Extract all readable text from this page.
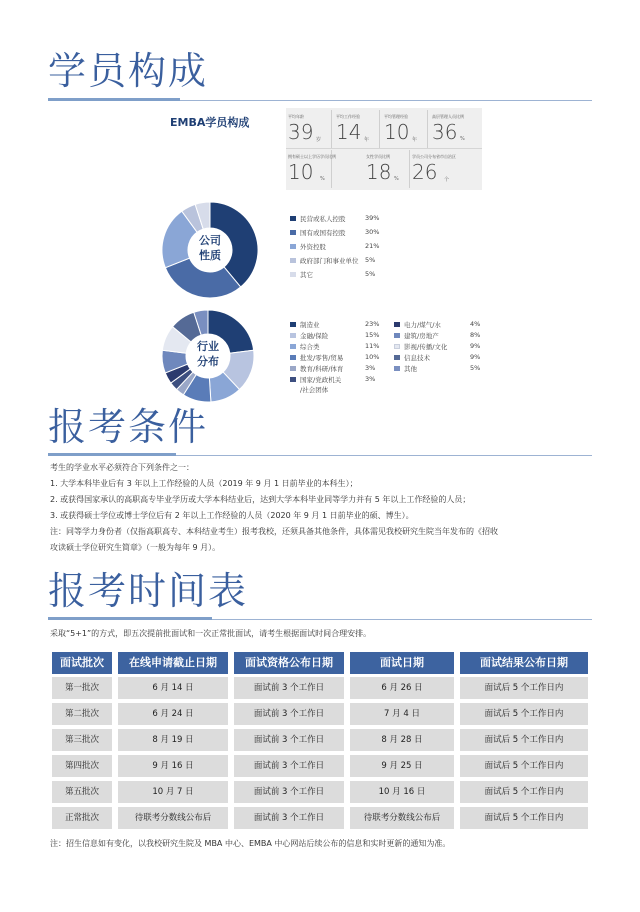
学员构成
EMBA学员构成	平均年龄
39 岁
平均工作经验
14 年
平均管理经验
10 年
高层管理人员比例
36 %
拥有硕士以上学历学员比例
10 %
女性学员比例
18 %
学员公司分布省市自治区
26 个
公司
性质
民营或私人控股	39%
国有或国有控股	30%
外资控股	21%
政府部门和事业单位 5%
其它	5%
行业
分布
制造业	23%
金融/保险	15%
综合类	11%
批发/零售/贸易	10%
教育/科研/体育	3%
国家/党政机关	3%
/社会团体
电力/煤气/水	4%
建筑/房地产	8%
影视/传播/文化	9%
信息技术	9%
其他	5%
报考条件
考生的学业水平必须符合下列条件之一：
1. 大学本科毕业后有 3 年以上工作经验的人员（2019 年 9 月 1 日前毕业的本科生）；
2. 或获得国家承认的高职高专毕业学历或大学本科结业后，达到大学本科毕业同等学力并有 5 年以上工作经验的人员；
3. 或获得硕士学位或博士学位后有 2 年以上工作经验的人员（2020 年 9 月 1 日前毕业的硕、博生）。
注：同等学力身份者（仅指高职高专、本科结业考生）报考我校，还须具备其他条件，具体需见我校研究生院当年发布的《招收
攻读硕士学位研究生简章》（一般为每年 9 月）。
报考时间表
采取“5+1”的方式，即五次提前批面试和一次正常批面试，请考生根据面试时间合理安排。
面试批次	在线申请截止日期	面试资格公布日期	面试日期	面试结果公布日期
第一批次	6 月 14 日	面试前 3 个工作日	6 月 26 日	面试后 5 个工作日内
第二批次	6 月 24 日	面试前 3 个工作日	7 月 4 日	面试后 5 个工作日内
第三批次	8 月 19 日	面试前 3 个工作日	8 月 28 日	面试后 5 个工作日内
第四批次	9 月 16 日	面试前 3 个工作日	9 月 25 日	面试后 5 个工作日内
第五批次	10 月 7 日	面试前 3 个工作日	10 月 16 日	面试后 5 个工作日内
正常批次	待联考分数线公布后	面试前 3 个工作日	待联考分数线公布后	面试后 5 个工作日内
注：招生信息如有变化，以我校研究生院及 MBA 中心、EMBA 中心网站后续公布的信息和实时更新的通知为准。
